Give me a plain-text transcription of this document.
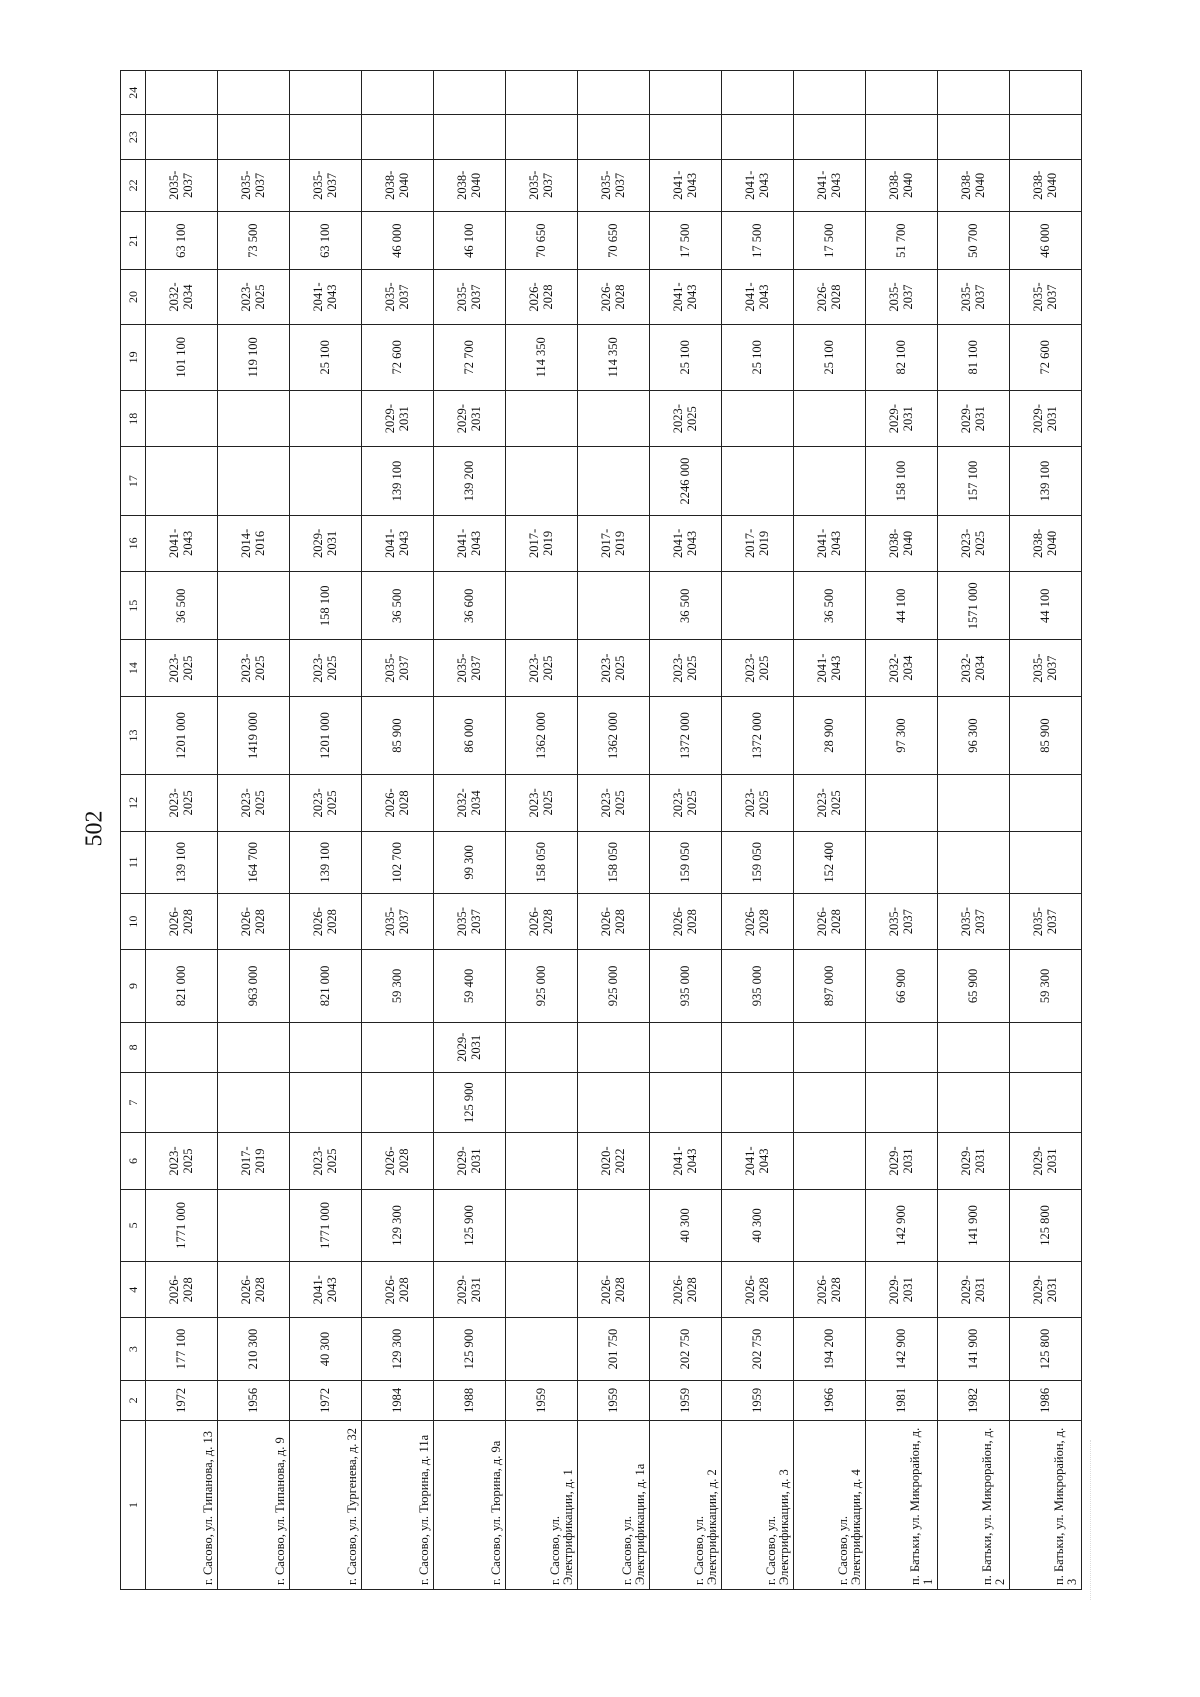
502
1	2	3	4	5	6	7	8	9	10	11	12	13	14	15	16	17	18	19	20	21	22	23	24
г. Сасово, ул. Типанова, д. 13	1972	177 100	2026-2028	1771 000	2023-2025			821 000	2026-2028	139 100	2023-2025	1201 000	2023-2025	36 500	2041-2043			101 100	2032-2034	63 100	2035-2037		
г. Сасово, ул. Типанова, д. 9	1956	210 300	2026-2028		2017-2019			963 000	2026-2028	164 700	2023-2025	1419 000	2023-2025		2014-2016			119 100	2023-2025	73 500	2035-2037		
г. Сасово, ул. Тургенева, д. 32	1972	40 300	2041-2043	1771 000	2023-2025			821 000	2026-2028	139 100	2023-2025	1201 000	2023-2025	158 100	2029-2031			25 100	2041-2043	63 100	2035-2037		
г. Сасово, ул. Тюрина, д. 11а	1984	129 300	2026-2028	129 300	2026-2028			59 300	2035-2037	102 700	2026-2028	85 900	2035-2037	36 500	2041-2043	139 100	2029-2031	72 600	2035-2037	46 000	2038-2040		
г. Сасово, ул. Тюрина, д. 9а	1988	125 900	2029-2031	125 900	2029-2031	125 900	2029-2031	59 400	2035-2037	99 300	2032-2034	86 000	2035-2037	36 600	2041-2043	139 200	2029-2031	72 700	2035-2037	46 100	2038-2040		
г. Сасово, ул. Электрификации, д. 1	1959							925 000	2026-2028	158 050	2023-2025	1362 000	2023-2025		2017-2019			114 350	2026-2028	70 650	2035-2037		
г. Сасово, ул. Электрификации, д. 1а	1959	201 750	2026-2028		2020-2022			925 000	2026-2028	158 050	2023-2025	1362 000	2023-2025		2017-2019			114 350	2026-2028	70 650	2035-2037		
г. Сасово, ул. Электрификации, д. 2	1959	202 750	2026-2028	40 300	2041-2043			935 000	2026-2028	159 050	2023-2025	1372 000	2023-2025	36 500	2041-2043	2246 000	2023-2025	25 100	2041-2043	17 500	2041-2043		
г. Сасово, ул. Электрификации, д. 3	1959	202 750	2026-2028	40 300	2041-2043			935 000	2026-2028	159 050	2023-2025	1372 000	2023-2025		2017-2019			25 100	2041-2043	17 500	2041-2043		
г. Сасово, ул. Электрификации, д. 4	1966	194 200	2026-2028					897 000	2026-2028	152 400	2023-2025	28 900	2041-2043	36 500	2041-2043			25 100	2026-2028	17 500	2041-2043		
п. Батьки, ул. Микрорайон, д. 1	1981	142 900	2029-2031	142 900	2029-2031			66 900	2035-2037			97 300	2032-2034	44 100	2038-2040	158 100	2029-2031	82 100	2035-2037	51 700	2038-2040		
п. Батьки, ул. Микрорайон, д. 2	1982	141 900	2029-2031	141 900	2029-2031			65 900	2035-2037			96 300	2032-2034	1571 000	2023-2025	157 100	2029-2031	81 100	2035-2037	50 700	2038-2040		
п. Батьки, ул. Микрорайон, д. 3	1986	125 800	2029-2031	125 800	2029-2031			59 300	2035-2037			85 900	2035-2037	44 100	2038-2040	139 100	2029-2031	72 600	2035-2037	46 000	2038-2040		
